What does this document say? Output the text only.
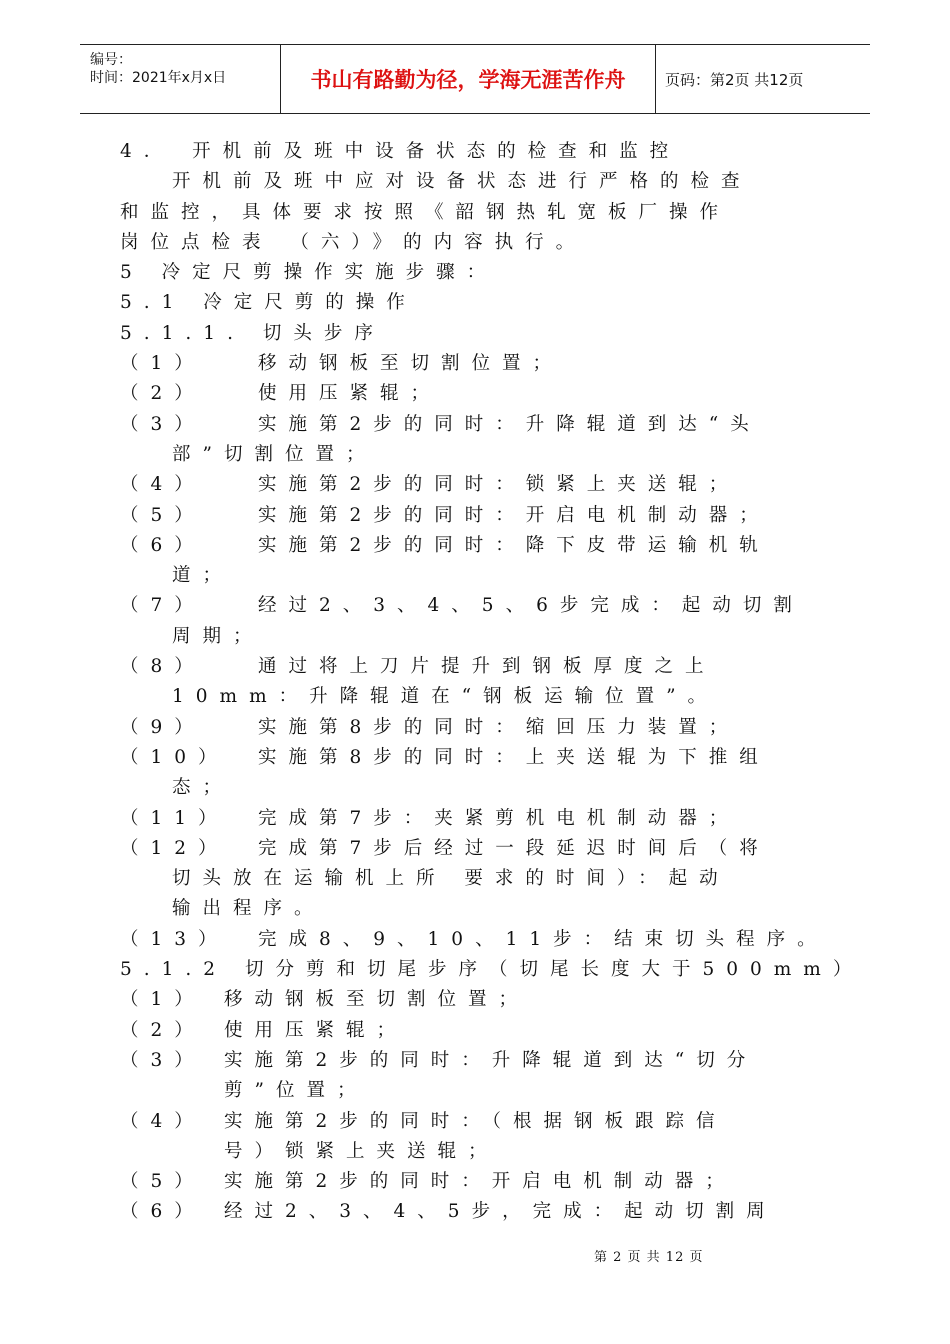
编号：
时间：2021年x月x日	书山有路勤为径，学海无涯苦作舟	页码：第2页 共12页
4． 开机前及班中设备状态的检查和监控
开机前及班中应对设备状态进行严格的检查
和监控，具体要求按照《韶钢热轧宽板厂操作
岗位点检表 （六）》的内容执行。
5 冷定尺剪操作实施步骤：
5.1 冷定尺剪的操作
5.1.1. 切头步序
（1）	移动钢板至切割位置；
（2）	使用压紧辊；
（3）	实施第2步的同时：升降辊道到达“头
部”切割位置；
（4）	实施第2步的同时：锁紧上夹送辊；
（5）	实施第2步的同时：开启电机制动器；
（6）	实施第2步的同时：降下皮带运输机轨
道；
（7）	经过2、3、4、5、6步完成：起动切割
周期；
（8）	通过将上刀片提升到钢板厚度之上
10mm：升降辊道在“钢板运输位置”。
（9）	实施第8步的同时：缩回压力装置；
（10）	实施第8步的同时：上夹送辊为下推组
态；
（11）	完成第7步：夹紧剪机电机制动器；
（12）	完成第7步后经过一段延迟时间后（将
切头放在运输机上所 要求的时间）：起动
输出程序。
（13）	完成8、9、10、11步：结束切头程序。
5.1.2 切分剪和切尾步序（切尾长度大于500mm）
（1）	移动钢板至切割位置；
（2）	使用压紧辊；
（3）	实施第2步的同时：升降辊道到达“切分
剪”位置；
（4）	实施第2步的同时：（根据钢板跟踪信
号）锁紧上夹送辊；
（5）	实施第2步的同时：开启电机制动器；
（6）	经过2、3、4、5步，完成：起动切割周
第 2 页 共 12 页
